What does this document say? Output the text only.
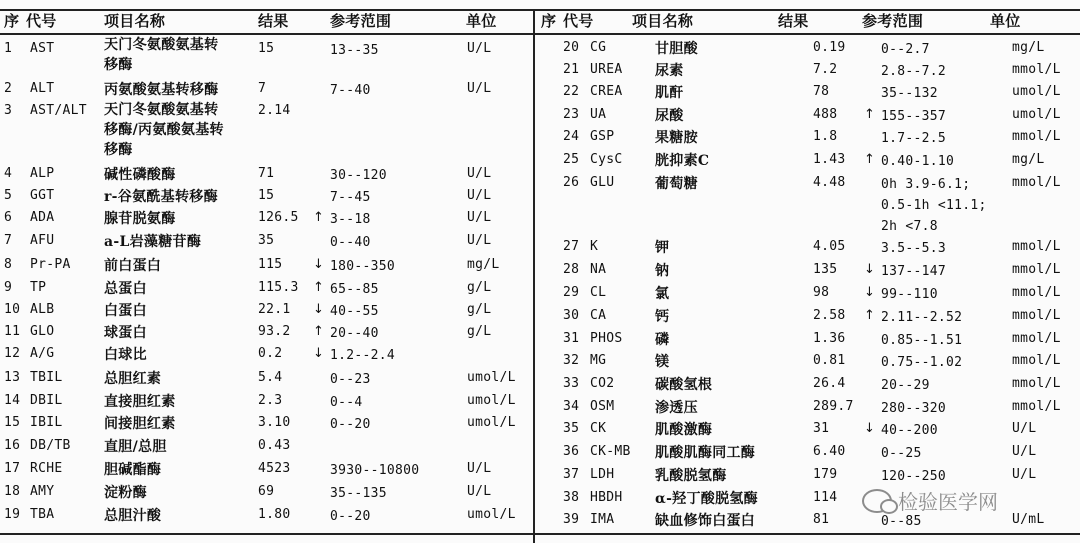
序 代号	项目名称	结果	参考范围	单位	序 代号	项目名称	结果	参考范围	单位
检验医学网
1 AST	天门冬氨酸氨基转
移酶
15	13--35	U/L
2 ALT	丙氨酸氨基转移酶	7	7--40	U/L
3 AST/ALT 天门冬氨酸氨基转
移酶/丙氨酸氨基转
移酶
2.14
4 ALP	碱性磷酸酶	71	30--120	U/L
5 GGT	r-谷氨酰基转移酶	15	7--45	U/L
6 ADA	腺苷脱氨酶	126.5 ↑ 3--18	U/L
7 AFU	a-L岩藻糖苷酶	35	0--40	U/L
8 Pr-PA 前白蛋白	115 ↓ 180--350	mg/L
9 TP	总蛋白	115.3 ↑ 65--85	g/L
10 ALB	白蛋白	22.1 ↓ 40--55	g/L
11 GLO	球蛋白	93.2 ↑ 20--40	g/L
12 A/G	白球比	0.2 ↓ 1.2--2.4
13 TBIL	总胆红素	5.4	0--23	umol/L
14 DBIL	直接胆红素	2.3	0--4	umol/L
15 IBIL	间接胆红素	3.10	0--20	umol/L
16 DB/TB 直胆/总胆	0.43
17 RCHE	胆碱酯酶	4523	3930--10800	U/L
18 AMY	淀粉酶	69	35--135	U/L
19 TBA	总胆汁酸	1.80	0--20	umol/L
20 CG	甘胆酸	0.19	0--2.7	mg/L
21 UREA 尿素	7.2	2.8--7.2	mmol/L
22 CREA 肌酐	78	35--132	umol/L
23 UA	尿酸	488 ↑ 155--357	umol/L
24 GSP	果糖胺	1.8	1.7--2.5	mmol/L
25 CysC 胱抑素C	1.43 ↑ 0.40-1.10	mg/L
26 GLU	葡萄糖	4.48	0h 3.9-6.1;
0.5-1h <11.1;
2h <7.8
mmol/L
27 K	钾	4.05	3.5--5.3	mmol/L
28 NA	钠	135 ↓ 137--147	mmol/L
29 CL	氯	98	↓ 99--110	mmol/L
30 CA	钙	2.58 ↑ 2.11--2.52	mmol/L
31 PHOS 磷	1.36	0.85--1.51	mmol/L
32 MG	镁	0.81	0.75--1.02	mmol/L
33 CO2	碳酸氢根	26.4	20--29	mmol/L
34 OSM	渗透压	289.7 280--320	mmol/L
35 CK	肌酸激酶	31	↓ 40--200	U/L
36 CK-MB 肌酸肌酶同工酶	6.40	0--25	U/L
37 LDH	乳酸脱氢酶	179	120--250	U/L
38 HBDH α-羟丁酸脱氢酶	114
39 IMA	缺血修饰白蛋白	81	0--85	U/mL
